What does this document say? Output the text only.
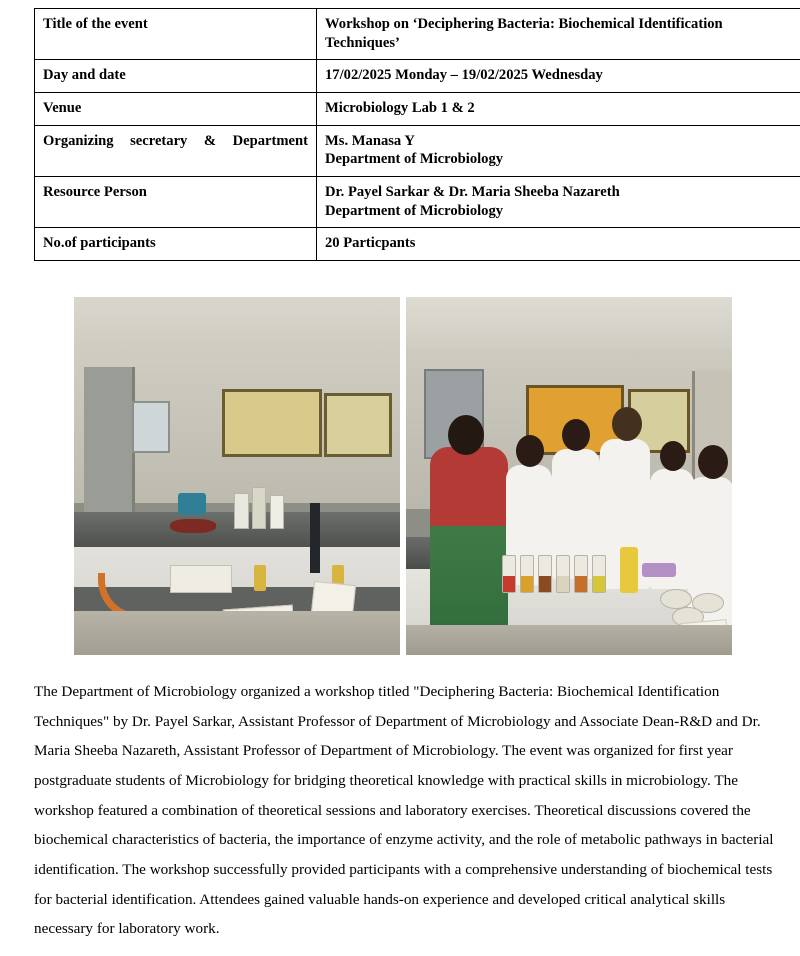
Title of the event	Workshop on ‘Deciphering Bacteria: Biochemical Identification Techniques’
Day and date	17/02/2025 Monday – 19/02/2025 Wednesday
Venue	Microbiology Lab 1 & 2
Organizing secretary & Department	Ms. Manasa Y
Department of Microbiology

Resource Person	Dr. Payel Sarkar & Dr. Maria Sheeba Nazareth
Department of Microbiology

No.of participants	20 Particpants
The Department of Microbiology organized a workshop titled "Deciphering Bacteria: Biochemical Identification Techniques" by Dr. Payel Sarkar, Assistant Professor of Department of Microbiology and Associate Dean-R&D and Dr. Maria Sheeba Nazareth, Assistant Professor of Department of Microbiology. The event was organized for first year postgraduate students of Microbiology for bridging theoretical knowledge with practical skills in microbiology. The workshop featured a combination of theoretical sessions and laboratory exercises. Theoretical discussions covered the biochemical characteristics of bacteria, the importance of enzyme activity, and the role of metabolic pathways in bacterial identification. The workshop successfully provided participants with a comprehensive understanding of biochemical tests for bacterial identification. Attendees gained valuable hands-on experience and developed critical analytical skills necessary for laboratory work.
